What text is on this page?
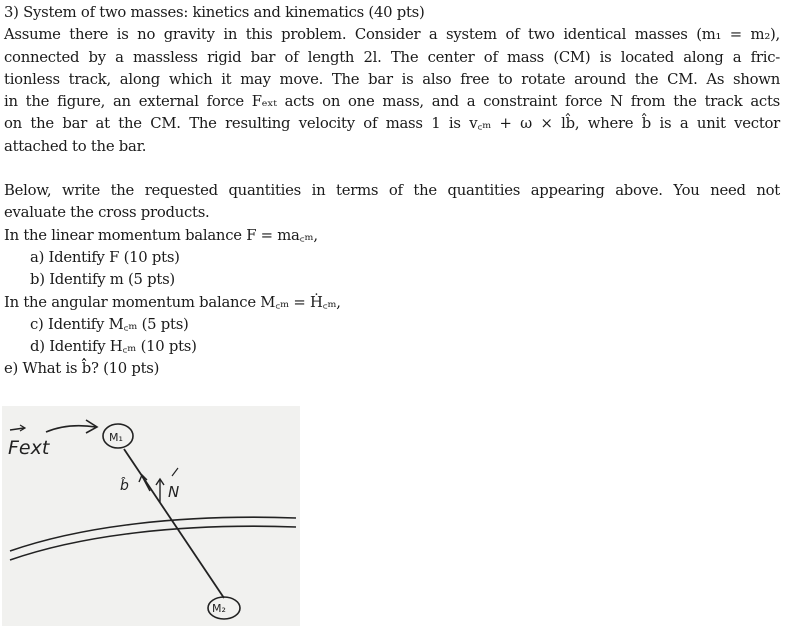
3) System of two masses: kinetics and kinematics (40 pts)
Assume there is no gravity in this problem. Consider a system of two identical masses (m₁ = m₂),
connected by a massless rigid bar of length 2l. The center of mass (CM) is located along a fric-
tionless track, along which it may move. The bar is also free to rotate around the CM. As shown
in the figure, an external force Fₑₓₜ acts on one mass, and a constraint force N from the track acts
on the bar at the CM. The resulting velocity of mass 1 is v꜀ₘ + ω × lb̂, where b̂ is a unit vector
attached to the bar.
Below, write the requested quantities in terms of the quantities appearing above. You need not
evaluate the cross products.
In the linear momentum balance F = ma꜀ₘ,
a) Identify F (10 pts)
b) Identify m (5 pts)
In the angular momentum balance M꜀ₘ = Ḣ꜀ₘ,
c) Identify M꜀ₘ (5 pts)
d) Identify H꜀ₘ (10 pts)
e) What is b̂̇? (10 pts)
M₁
M₂
Fext
b̂	N
